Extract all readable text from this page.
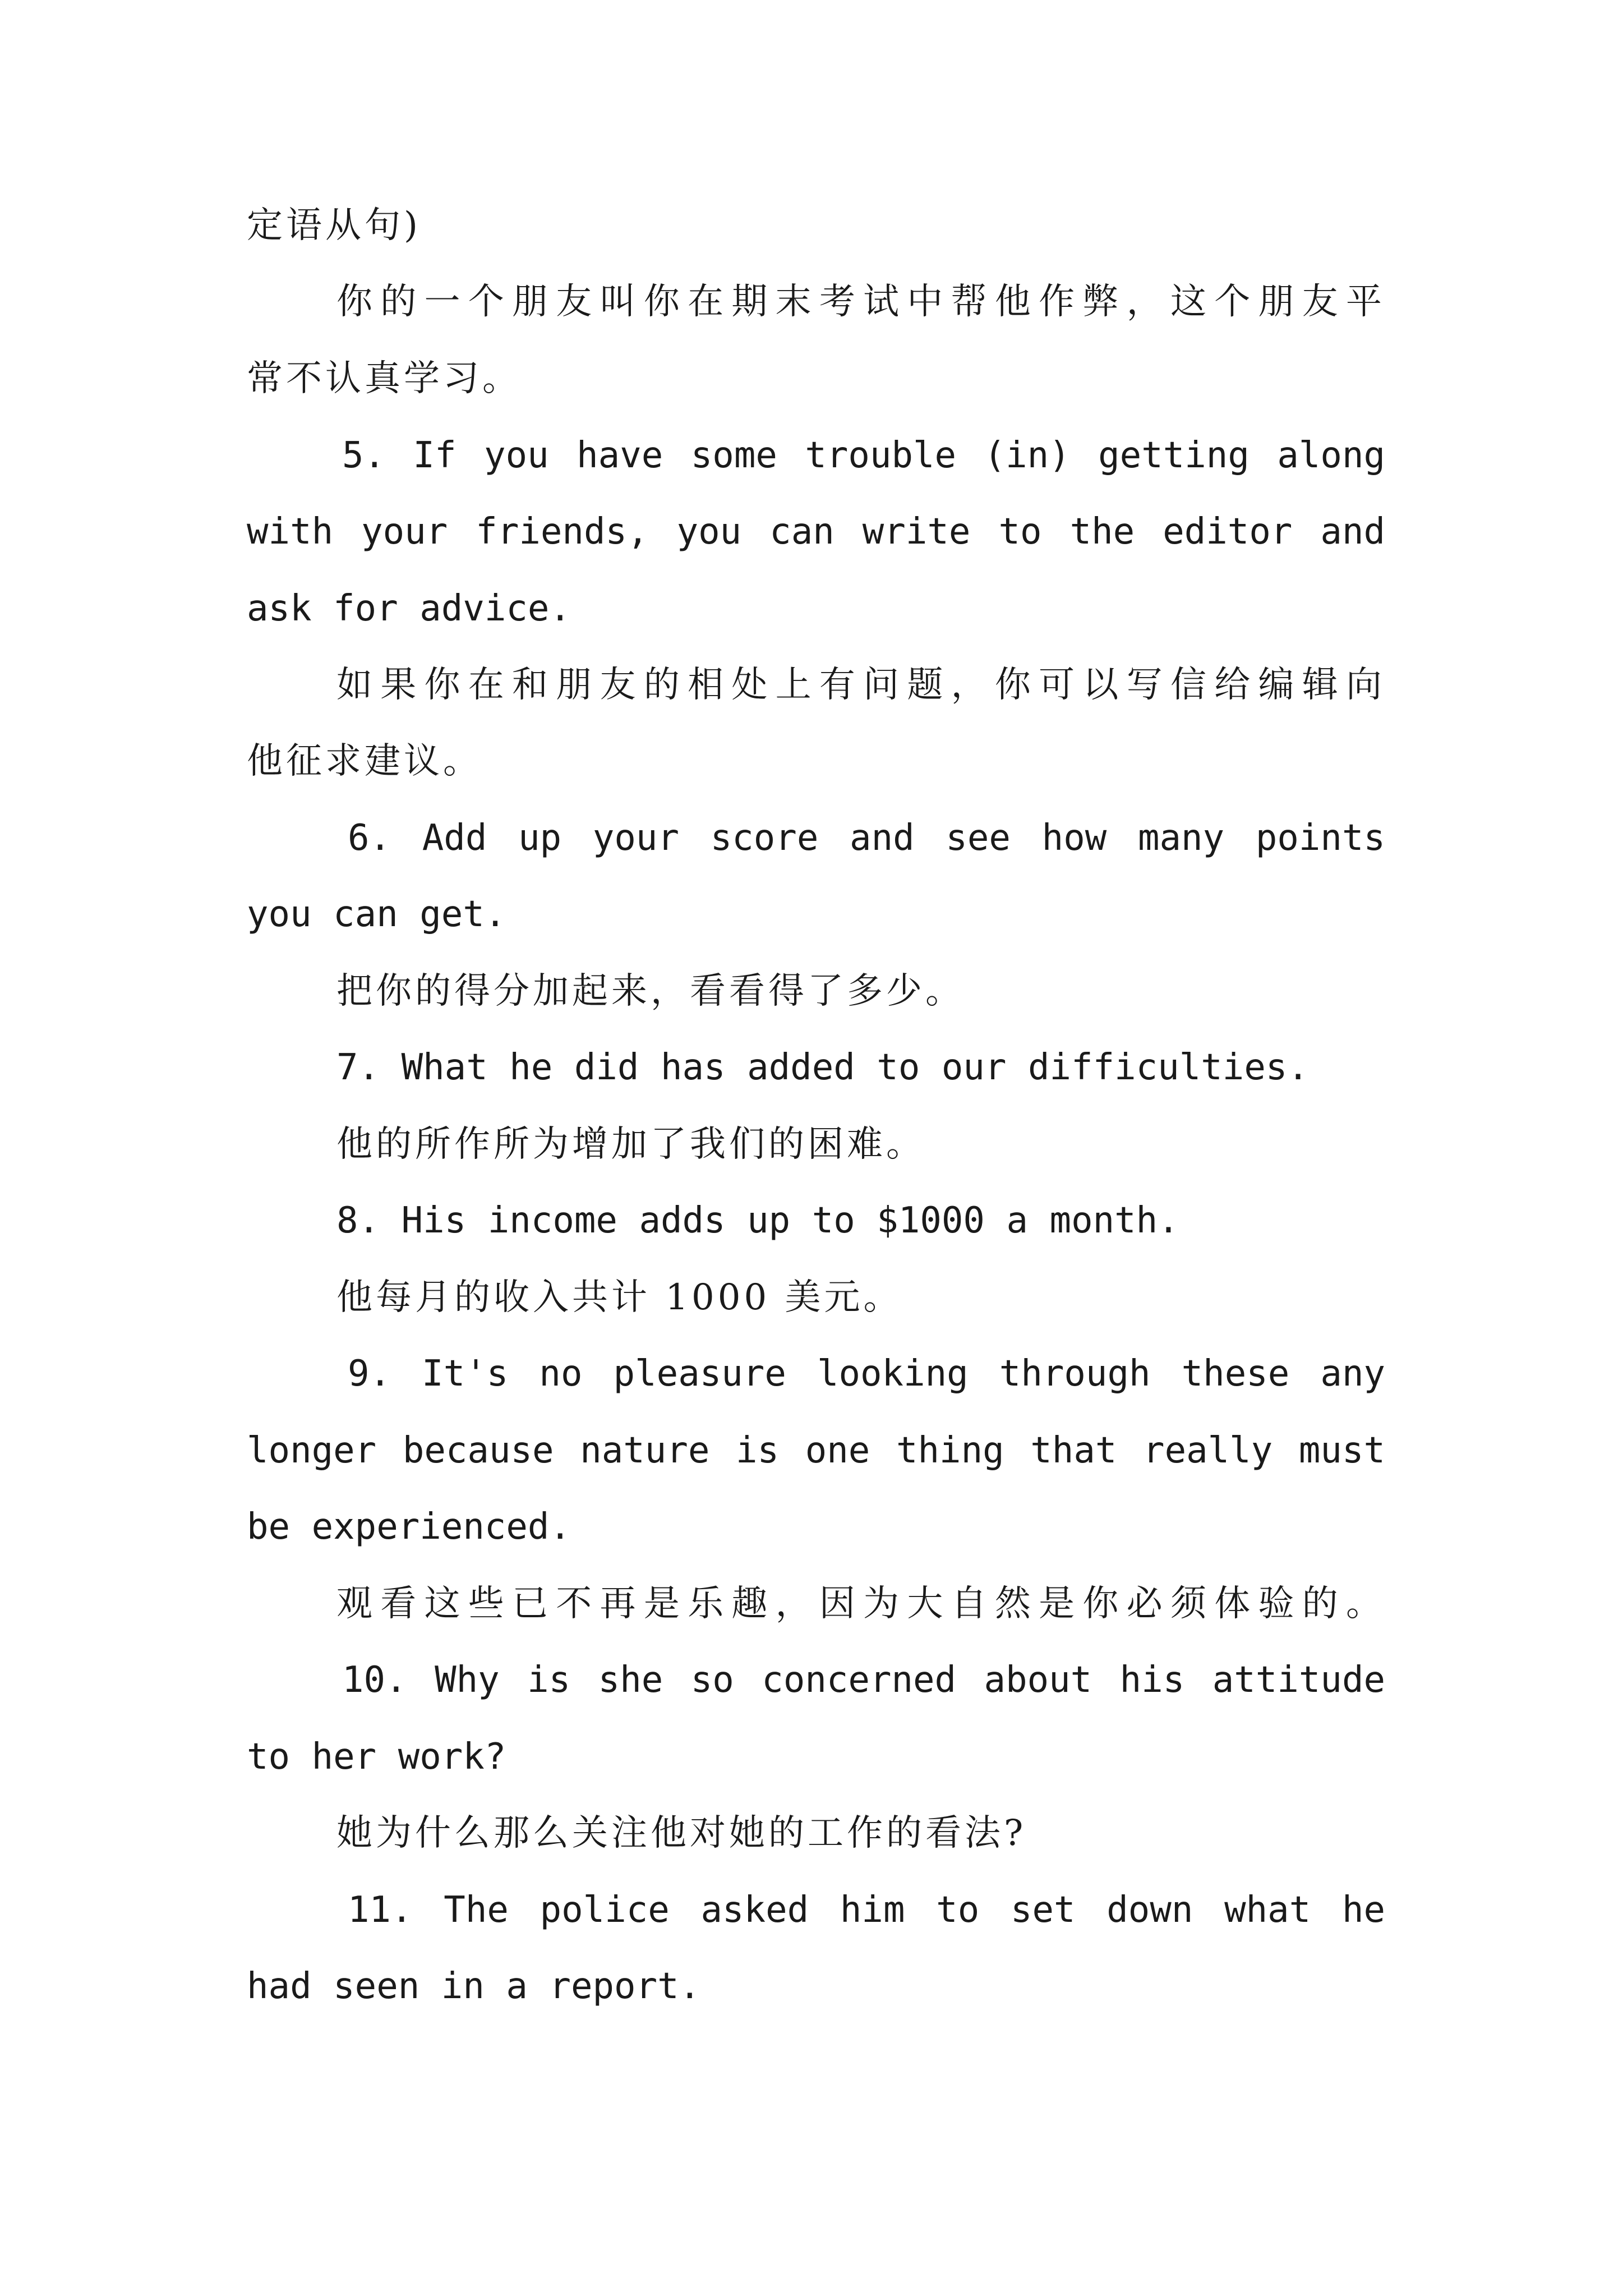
定语从句)
你的一个朋友叫你在期末考试中帮他作弊，这个朋友平
常不认真学习。
5. If you have some trouble (in) getting along
with your friends, you can write to the editor and
ask for advice.
如果你在和朋友的相处上有问题，你可以写信给编辑向
他征求建议。
6. Add up your score and see how many points
you can get.
把你的得分加起来，看看得了多少。
7. What he did has added to our difficulties.
他的所作所为增加了我们的困难。
8. His income adds up to $1000 a month.
他每月的收入共计 1000 美元。
9. It's no pleasure looking through these any
longer because nature is one thing that really must
be experienced.
观看这些已不再是乐趣，因为大自然是你必须体验的。
10. Why is she so concerned about his attitude
to her work?
她为什么那么关注他对她的工作的看法?
11. The police asked him to set down what he
had seen in a report.
